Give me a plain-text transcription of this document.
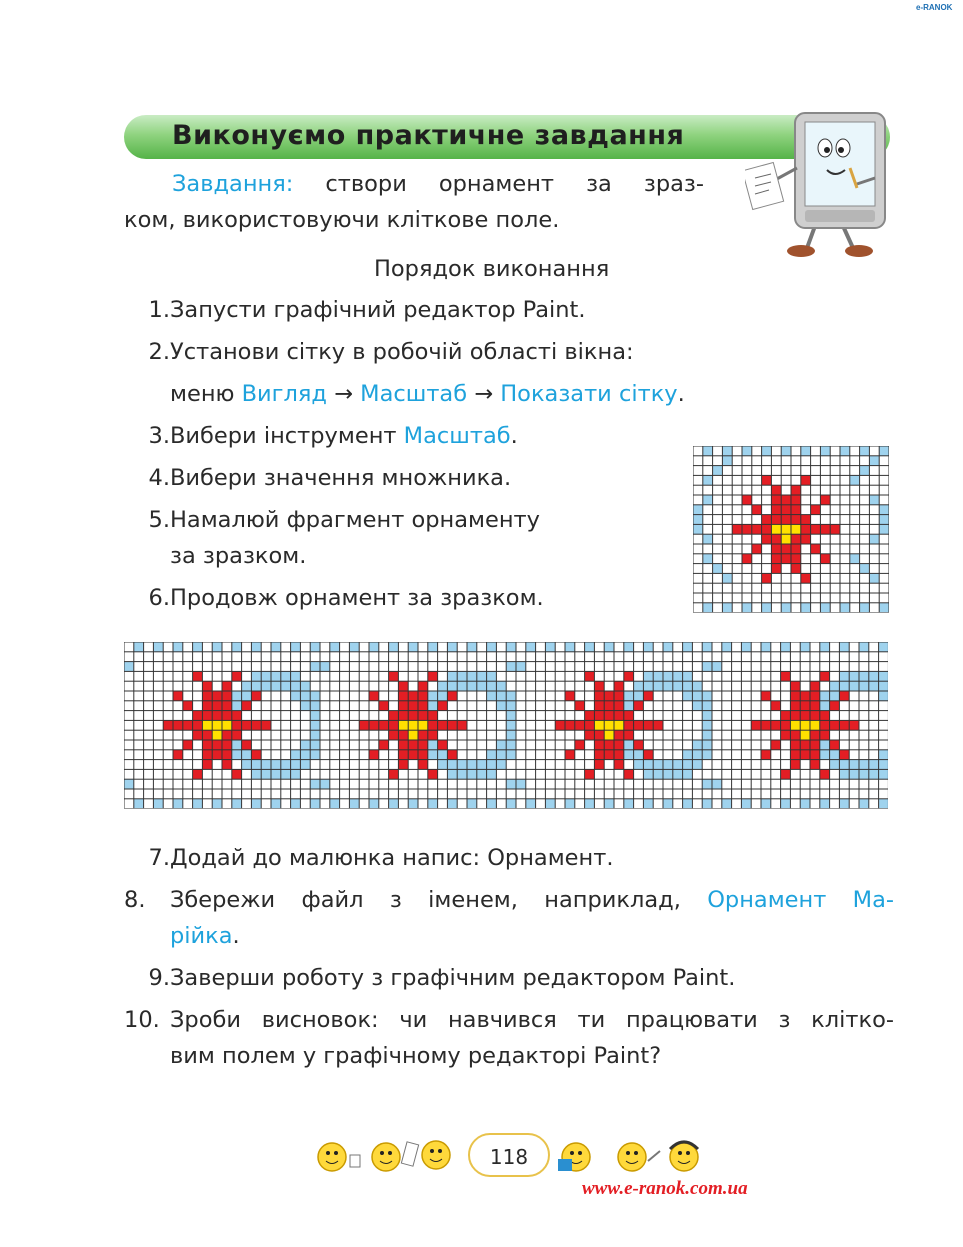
e-RANOK
Виконуємо практичне завдання
Завдання: створи орнамент за зраз-
ком, використовуючи кліткове поле.
Порядок виконання
1.Запусти графічний редактор Paint.
2.Установи сітку в робочій області вікна:
меню Вигляд → Масштаб → Показати сітку.
3.Вибери інструмент Масштаб.
4.Вибери значення множника.
5.Намалюй фрагмент орнаменту
за зразком.
6.Продовж орнамент за зразком.
7.Додай до малюнка напис: Орнамент.
8. Збережи файл з іменем, наприклад, Орнамент Ма-
рійка.
9.Заверши роботу з графічним редактором Paint.
10. Зроби висновок: чи навчився ти працювати з клітко-
вим полем у графічному редакторі Paint?
118
www.e-ranok.com.ua
